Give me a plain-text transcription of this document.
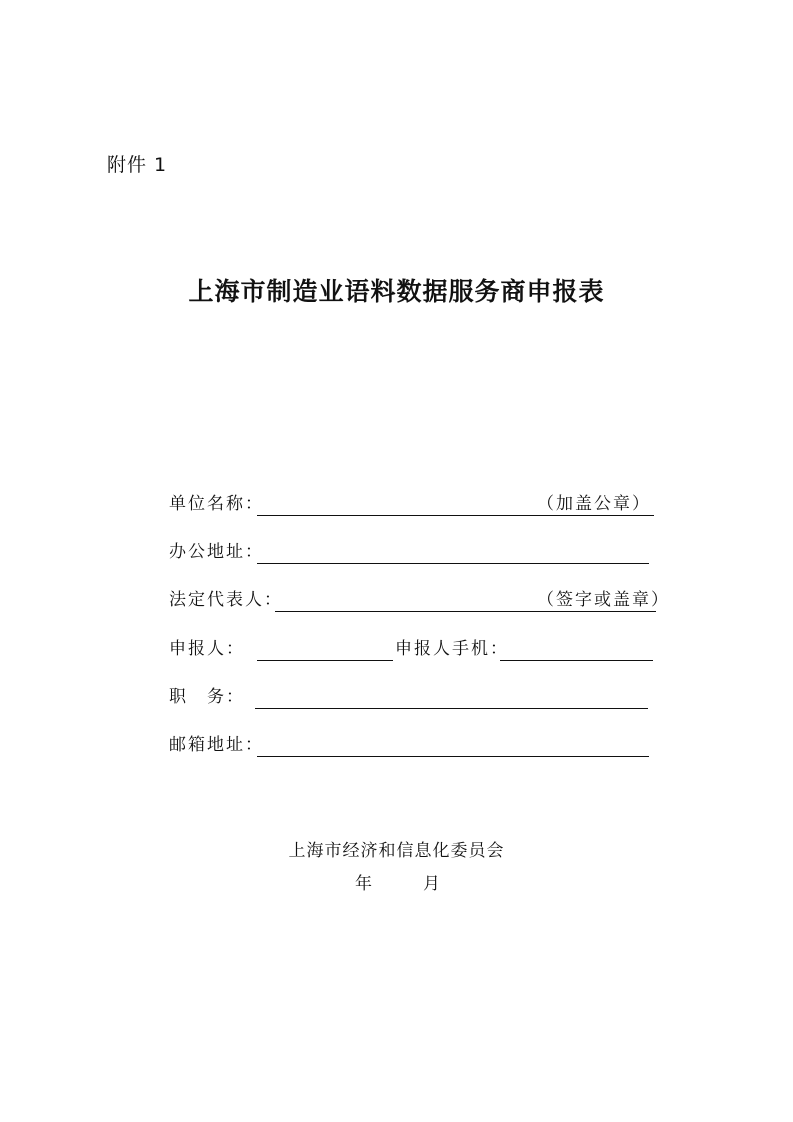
附件 1
上海市制造业语料数据服务商申报表
单位名称：	（加盖公章）
办公地址：
法定代表人：	（签字或盖章）
申报人：	申报人手机：
职　务：
邮箱地址：
上海市经济和信息化委员会
年	月
